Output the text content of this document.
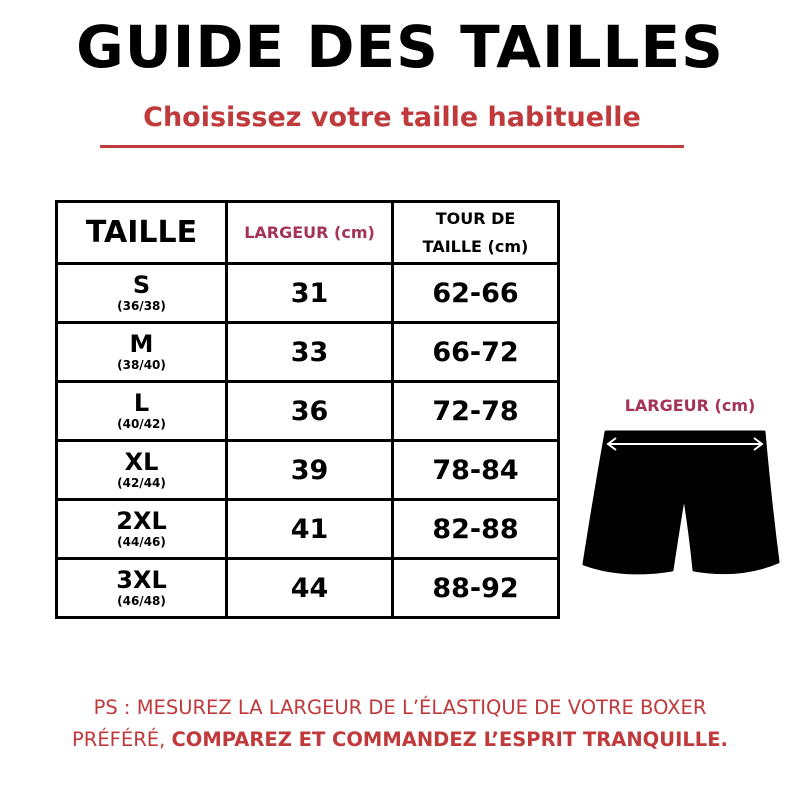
GUIDE DES TAILLES
Choisissez votre taille habituelle
TAILLE	LARGEUR (cm)	TOUR DE
TAILLE (cm)

S
(36/38)	31	62-66

M
(38/40)	33	66-72

L
(40/42)	36	72-78

XL
(42/44)	39	78-84

2XL
(44/46)	41	82-88

3XL
(46/48)	44	88-92
LARGEUR (cm)
PS : MESUREZ LA LARGEUR DE L’ÉLASTIQUE DE VOTRE BOXER
PRÉFÉRÉ, COMPAREZ ET COMMANDEZ L’ESPRIT TRANQUILLE.
